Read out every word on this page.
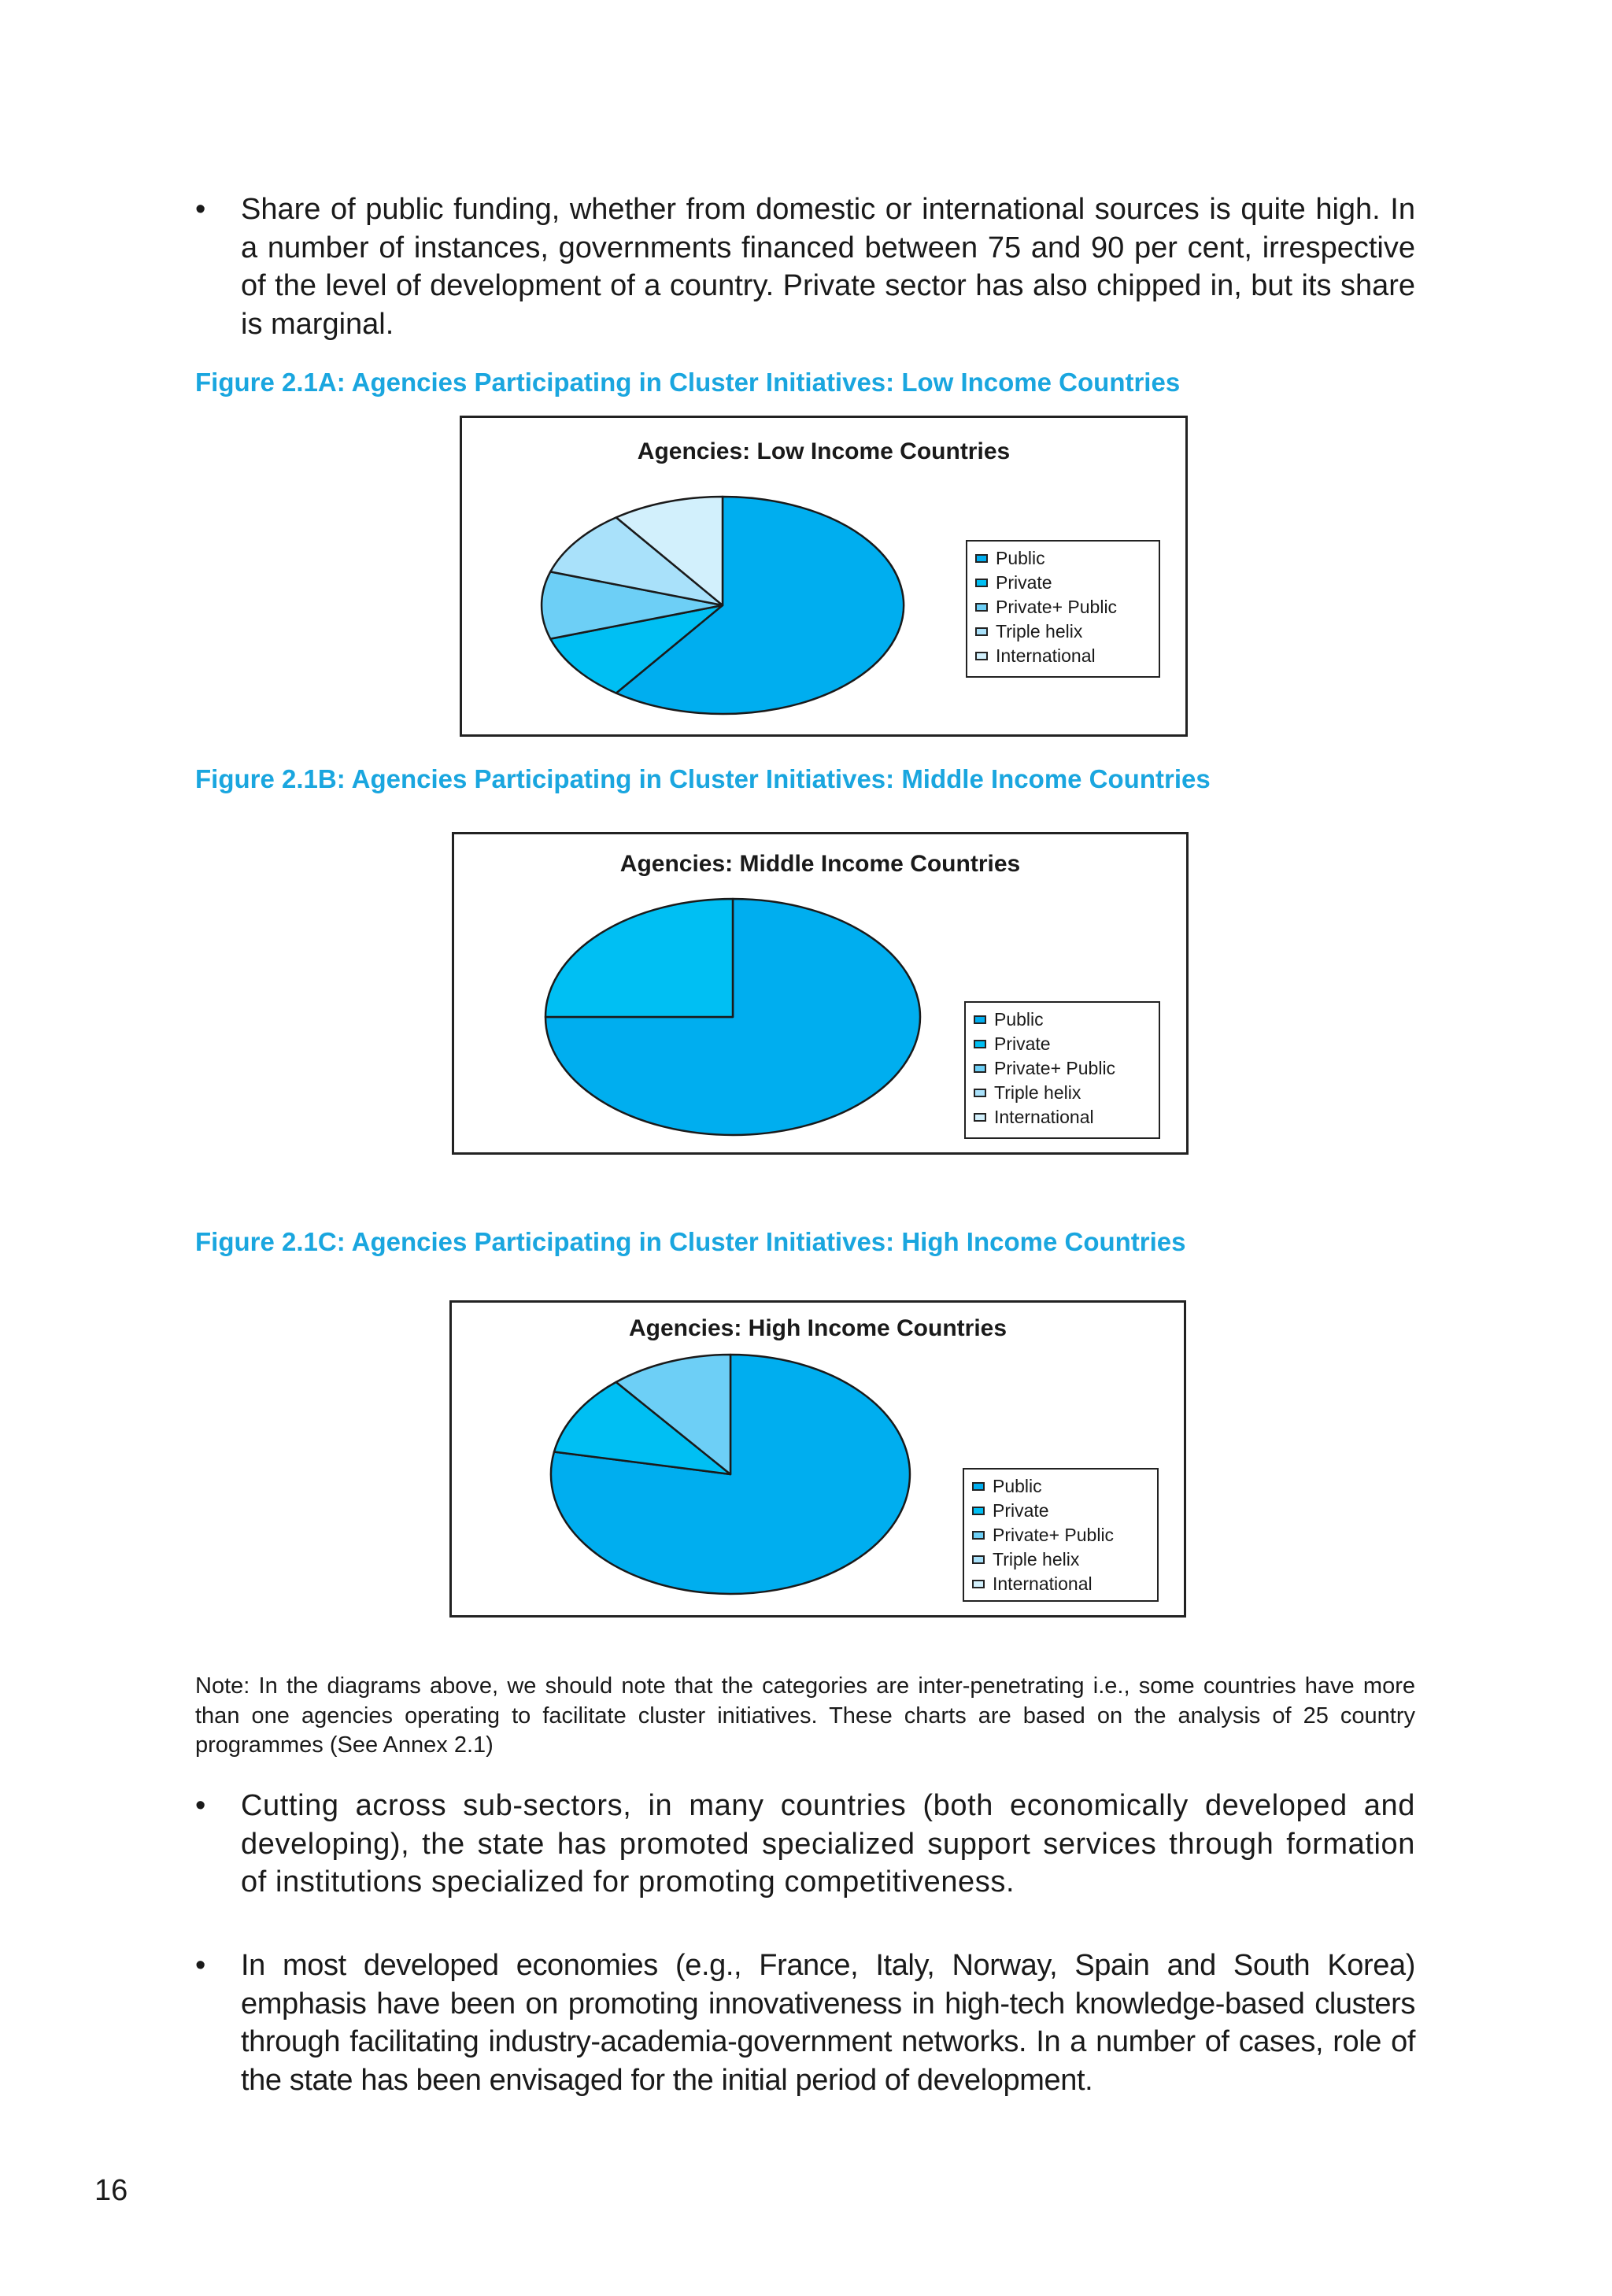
•	Share of public funding, whether from domestic or international sources is quite high. In a number of instances, governments financed between 75 and 90 per cent, irrespective of the level of development of a country. Private sector has also chipped in, but its share is marginal.
Figure 2.1A: Agencies Participating in Cluster Initiatives: Low Income Countries
Agencies: Low Income Countries
Public
Private
Private+ Public
Triple helix
International
Figure 2.1B: Agencies Participating in Cluster Initiatives: Middle Income Countries
Agencies: Middle Income Countries
Public
Private
Private+ Public
Triple helix
International
Figure 2.1C: Agencies Participating in Cluster Initiatives: High Income Countries
Agencies: High Income Countries
Public
Private
Private+ Public
Triple helix
International
Note: In the diagrams above, we should note that the categories are inter-penetrating i.e., some countries have more than one agencies operating to facilitate cluster initiatives. These charts are based on the analysis of 25 country programmes (See Annex 2.1)
•	Cutting across sub-sectors, in many countries (both economically developed and developing), the state has promoted specialized support services through formation of institutions specialized for promoting competitiveness.
•	In most developed economies (e.g., France, Italy, Norway, Spain and South Korea) emphasis have been on promoting innovativeness in high-tech knowledge-based clusters through facilitating industry-academia-government networks. In a number of cases, role of the state has been envisaged for the initial period of development.
16
